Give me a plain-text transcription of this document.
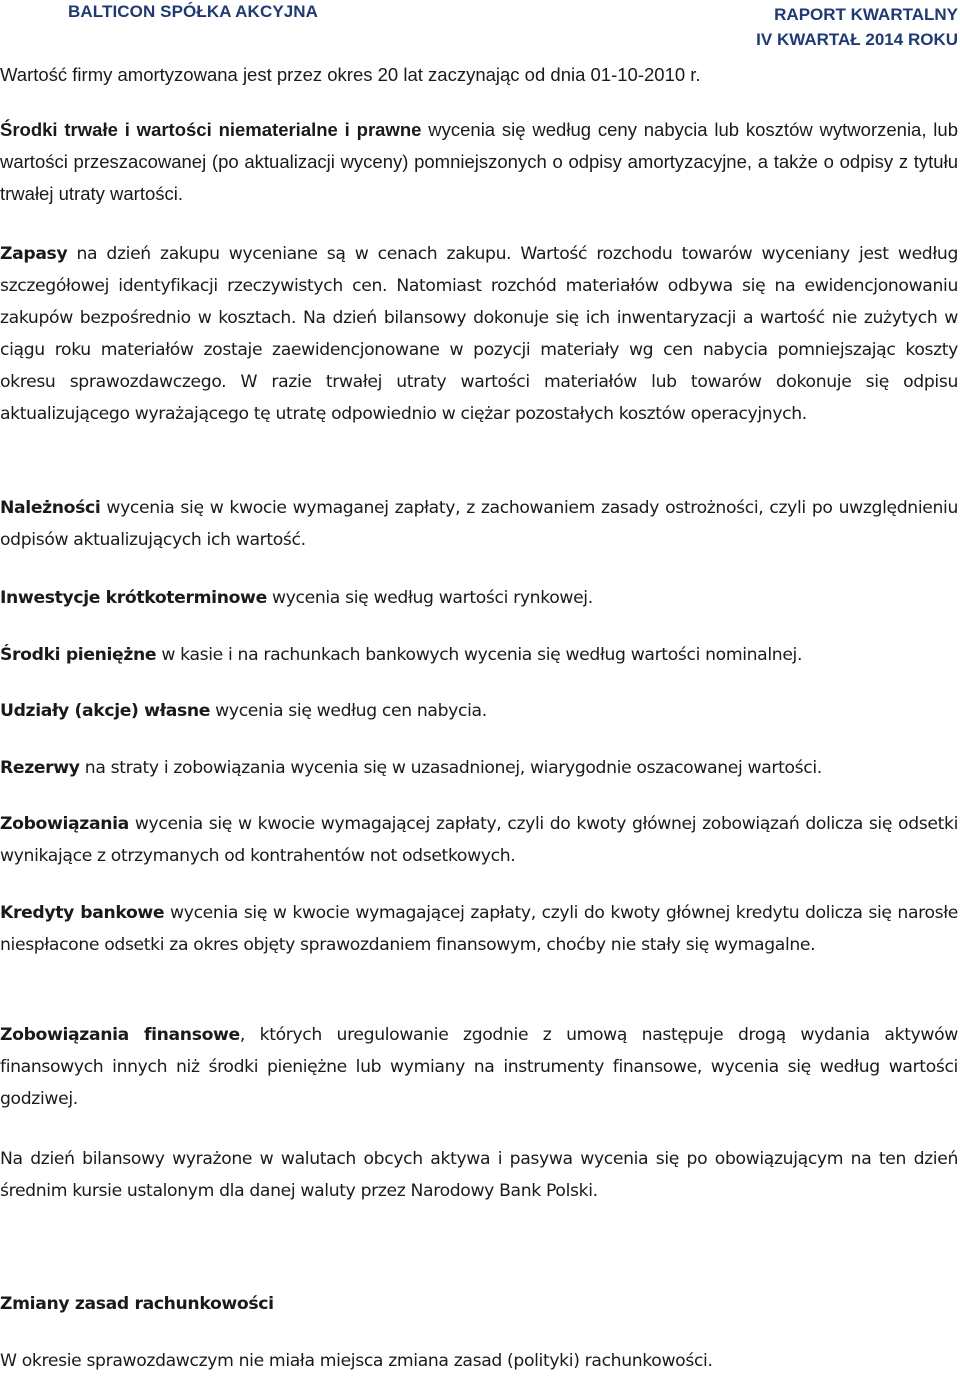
BALTICON SPÓŁKA AKCYJNA	RAPORT KWARTALNY
IV KWARTAŁ 2014 ROKU

Wartość firmy amortyzowana jest przez okres 20 lat zaczynając od dnia 01-10-2010 r.

Środki trwałe i wartości niematerialne i prawne wycenia się według ceny nabycia lub kosztów wytworzenia, lub wartości przeszacowanej (po aktualizacji wyceny) pomniejszonych o odpisy amortyzacyjne, a także o odpisy z tytułu trwałej utraty wartości.

Zapasy na dzień zakupu wyceniane są w cenach zakupu. Wartość rozchodu towarów wyceniany jest według szczegółowej identyfikacji rzeczywistych cen. Natomiast rozchód materiałów odbywa się na ewidencjonowaniu zakupów bezpośrednio w kosztach. Na dzień bilansowy dokonuje się ich inwentaryzacji a wartość nie zużytych w ciągu roku materiałów zostaje zaewidencjonowane w pozycji materiały wg cen nabycia pomniejszając koszty okresu sprawozdawczego. W razie trwałej utraty wartości materiałów lub towarów dokonuje się odpisu aktualizującego wyrażającego tę utratę odpowiednio w ciężar pozostałych kosztów operacyjnych.

Należności wycenia się w kwocie wymaganej zapłaty, z zachowaniem zasady ostrożności, czyli po uwzględnieniu odpisów aktualizujących ich wartość.

Inwestycje krótkoterminowe wycenia się według wartości rynkowej.

Środki pieniężne w kasie i na rachunkach bankowych wycenia się według wartości nominalnej.

Udziały (akcje) własne wycenia się według cen nabycia.

Rezerwy na straty i zobowiązania wycenia się w uzasadnionej, wiarygodnie oszacowanej wartości.

Zobowiązania wycenia się w kwocie wymagającej zapłaty, czyli do kwoty głównej zobowiązań dolicza się odsetki wynikające z otrzymanych od kontrahentów not odsetkowych.

Kredyty bankowe wycenia się w kwocie wymagającej zapłaty, czyli do kwoty głównej kredytu dolicza się narosłe niespłacone odsetki za okres objęty sprawozdaniem finansowym, choćby nie stały się wymagalne.

Zobowiązania finansowe, których uregulowanie zgodnie z umową następuje drogą wydania aktywów finansowych innych niż środki pieniężne lub wymiany na instrumenty finansowe, wycenia się według wartości godziwej.

Na dzień bilansowy wyrażone w walutach obcych aktywa i pasywa wycenia się po obowiązującym na ten dzień średnim kursie ustalonym dla danej waluty przez Narodowy Bank Polski.

Zmiany zasad rachunkowości

W okresie sprawozdawczym nie miała miejsca zmiana zasad (polityki) rachunkowości.
